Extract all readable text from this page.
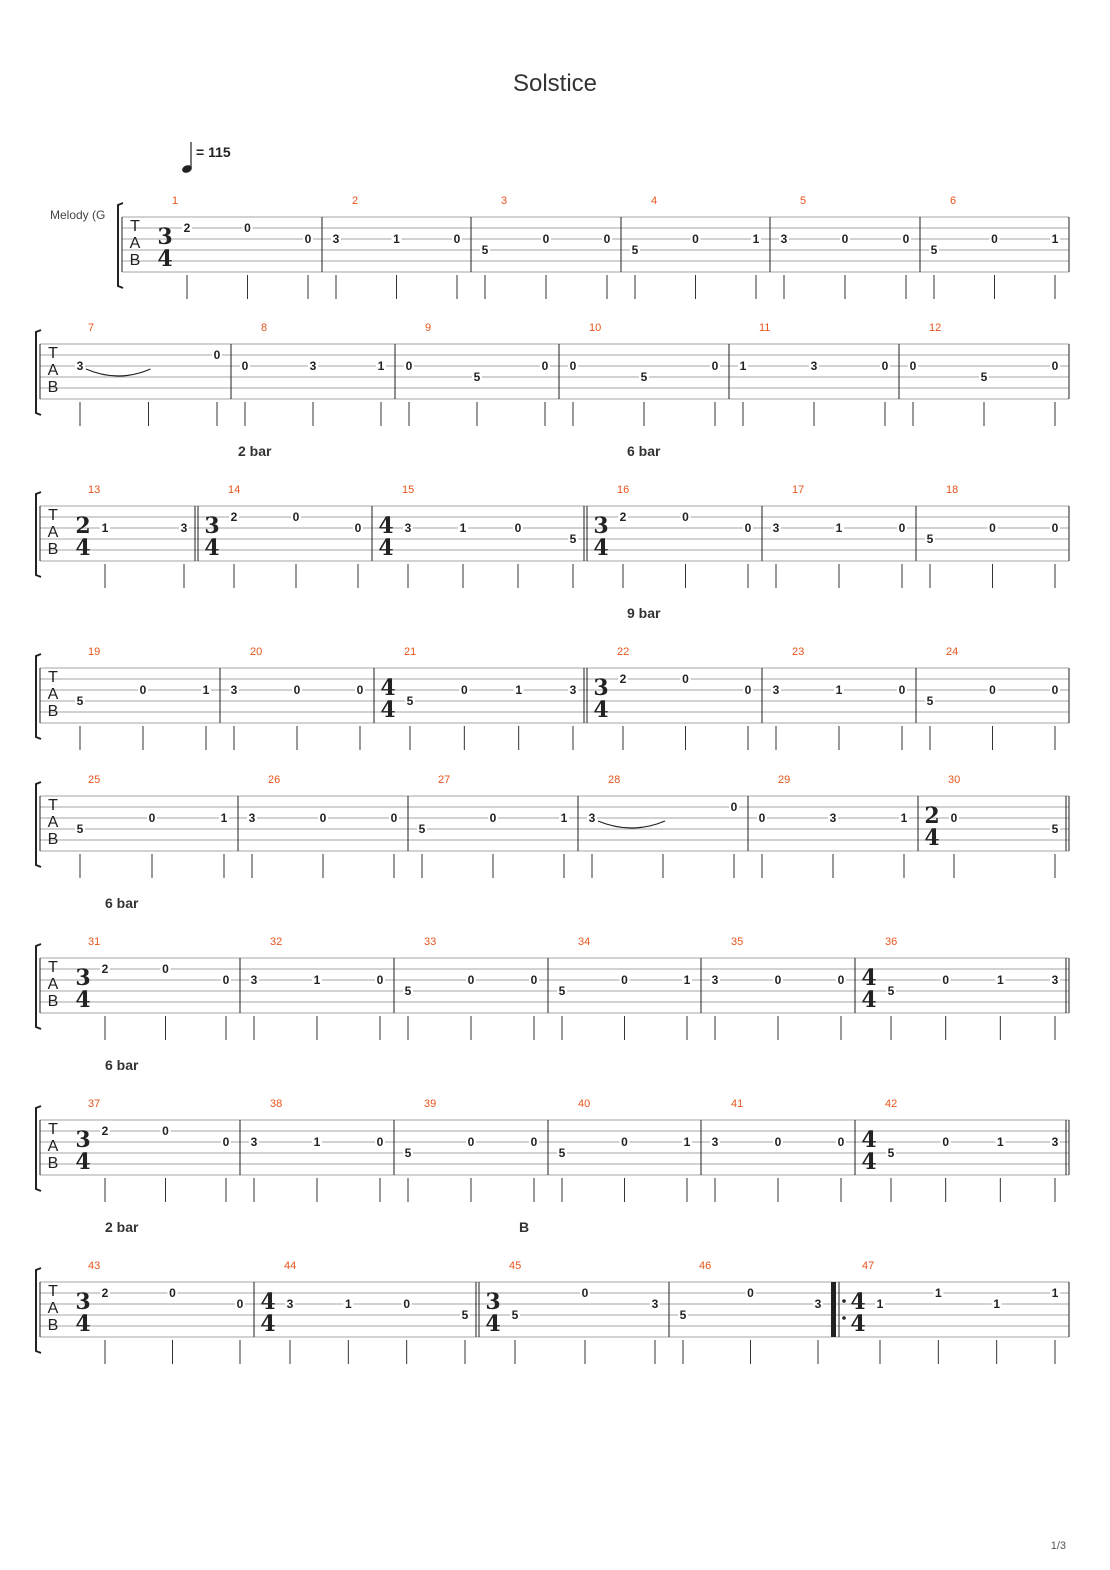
Solstice
= 115
Melody (G
T
A
B
1
3
4
2	0
0
2
3	1	0
3
5
0	0
4
5
0	1
5
3	0	0
6
5
0	1
T
A
B
7
3
0
8
0	3	1
9
0
5
0
10
0
5
0
11
1	3	0
12
0
5
0
T
A
B
2 bar	6 bar
13
2
4
1	3
14
3
4
2	0
0
15
4
4
3	1	0
5
16
3
4
2	0
0
17
3	1	0
18
5
0	0
T
A
B
9 bar
19
5
0	1
20
3	0	0
21
4
4 5
0	1	3
22
3
4
2	0
0
23
3	1	0
24
5
0	0
T
A
B
25
5
0	1
26
3	0	0
27
5
0	1
28
3
0
29
0	3	1
30
2
4
0
5
T
A
B
6 bar
31
3
4
2	0
0
32
3	1	0
33
5
0	0
34
5
0	1
35
3	0	0
36
4
4 5
0	1	3
T
A
B
6 bar
37
3
4
2	0
0
38
3	1	0
39
5
0	0
40
5
0	1
41
3	0	0
42
4
4 5
0	1	3
T
A
B
2 bar	B
43
3
4
2	0
0
44
4
4
3	1	0
5
45
3
4 5
0
3
46
5
0
3
47
4
4
1
1
1
1
1/3
